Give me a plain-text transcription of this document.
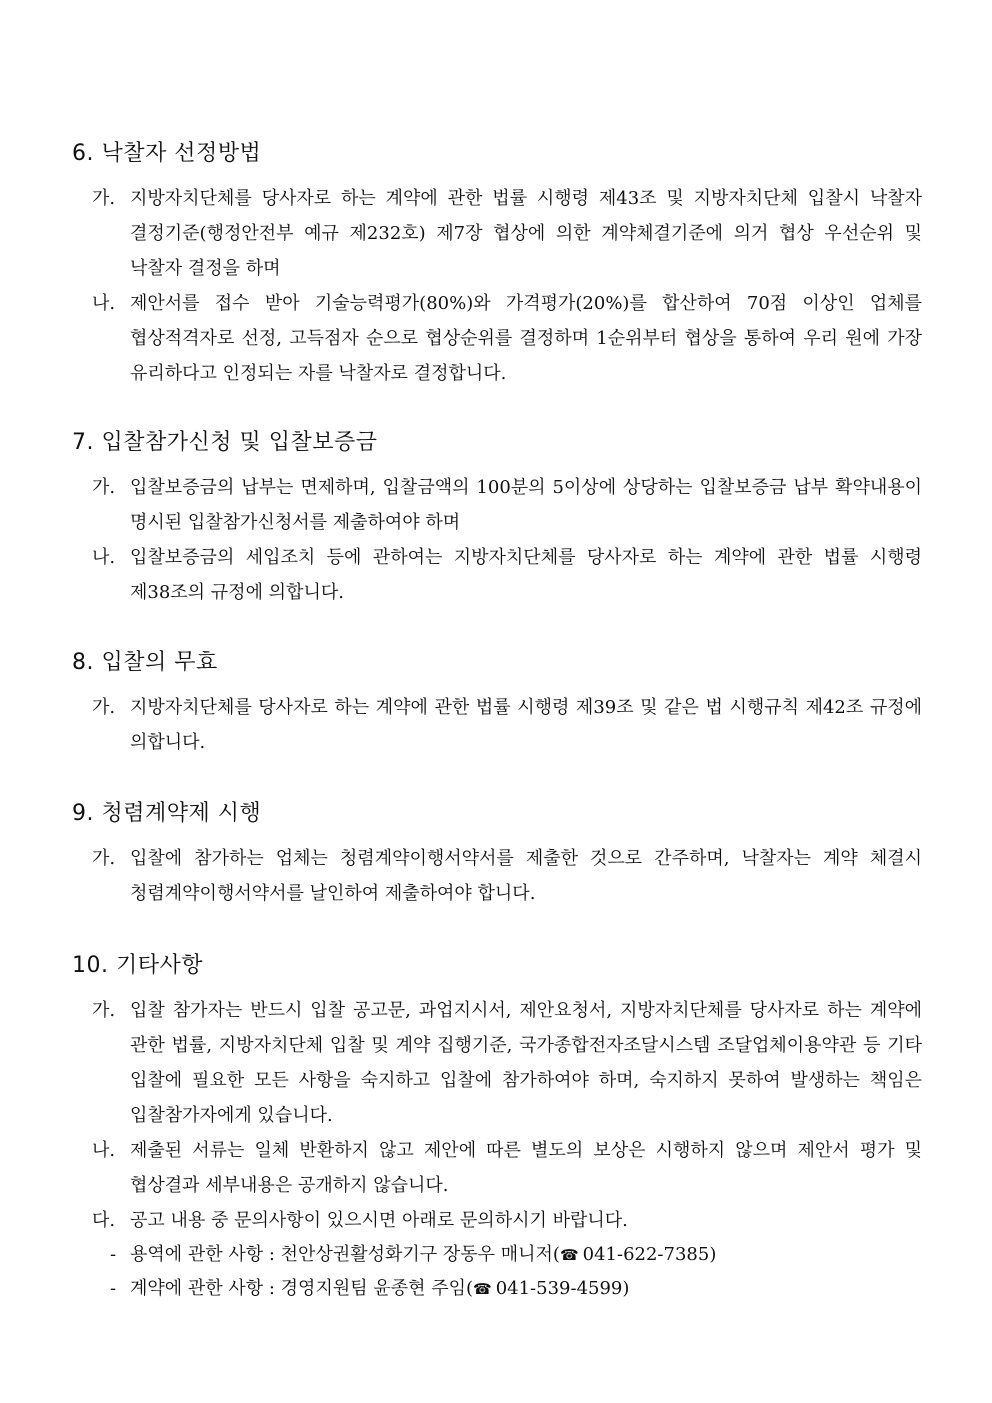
6. 낙찰자 선정방법
가. 지방자치단체를 당사자로 하는 계약에 관한 법률 시행령 제43조 및 지방자치단체 입찰시 낙찰자 결정기준(행정안전부 예규 제232호) 제7장 협상에 의한 계약체결기준에 의거 협상 우선순위 및 낙찰자 결정을 하며
나. 제안서를 접수 받아 기술능력평가(80%)와 가격평가(20%)를 합산하여 70점 이상인 업체를 협상적격자로 선정, 고득점자 순으로 협상순위를 결정하며 1순위부터 협상을 통하여 우리 원에 가장 유리하다고 인정되는 자를 낙찰자로 결정합니다.
7. 입찰참가신청 및 입찰보증금
가. 입찰보증금의 납부는 면제하며, 입찰금액의 100분의 5이상에 상당하는 입찰보증금 납부 확약내용이 명시된 입찰참가신청서를 제출하여야 하며
나. 입찰보증금의 세입조치 등에 관하여는 지방자치단체를 당사자로 하는 계약에 관한 법률 시행령 제38조의 규정에 의합니다.
8. 입찰의 무효
가. 지방자치단체를 당사자로 하는 계약에 관한 법률 시행령 제39조 및 같은 법 시행규칙 제42조 규정에 의합니다.
9. 청렴계약제 시행
가. 입찰에 참가하는 업체는 청렴계약이행서약서를 제출한 것으로 간주하며, 낙찰자는 계약 체결시 청렴계약이행서약서를 날인하여 제출하여야 합니다.
10. 기타사항
가. 입찰 참가자는 반드시 입찰 공고문, 과업지시서, 제안요청서, 지방자치단체를 당사자로 하는 계약에 관한 법률, 지방자치단체 입찰 및 계약 집행기준, 국가종합전자조달시스템 조달업체이용약관 등 기타 입찰에 필요한 모든 사항을 숙지하고 입찰에 참가하여야 하며, 숙지하지 못하여 발생하는 책임은 입찰참가자에게 있습니다.
나. 제출된 서류는 일체 반환하지 않고 제안에 따른 별도의 보상은 시행하지 않으며 제안서 평가 및 협상결과 세부내용은 공개하지 않습니다.
다. 공고 내용 중 문의사항이 있으시면 아래로 문의하시기 바랍니다.
- 용역에 관한 사항 : 천안상권활성화기구 장동우 매니저(☎ 041-622-7385)
- 계약에 관한 사항 : 경영지원팀 윤종현 주임(☎ 041-539-4599)
